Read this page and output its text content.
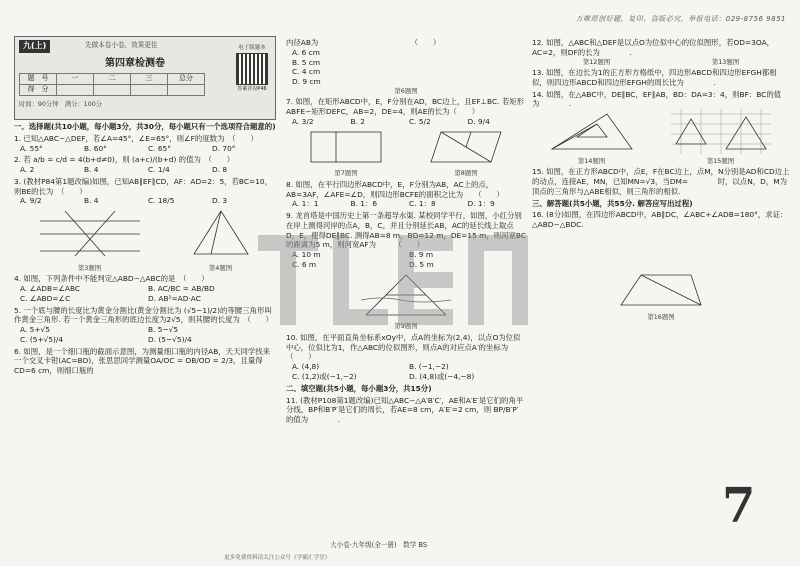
万唯原创好题，复印、盗版必究，举报电话：029-8756 9851
九(上)	先做本卷小卷，效果更佳
第四章检测卷
题　号	一	二	三	总分
得　分				
时间：90分钟　满分：100分
电子版题本
答案详见P46
一、选择题(共10小题，每小题3分，共30分，每小题只有一个选项符合题意的)
1. 已知△ABC∽△DEF，若∠A=45°，∠E=65°，则∠F的度数为　（　　）
A. 55°	B. 60°	C. 65°	D. 70°
2. 若 a/b = c/d = 4(b+d≠0)，则 (a+c)/(b+d) 的值为　（　　）
A. 2	B. 4	C. 1/4	D. 8
3. (教材P84第1题改编)如图，已知AB∥EF∥CD，AF：AD=2：5，若BC=10，则BE的长为　（　　）
A. 9/2	B. 4	C. 18/5	D. 3
第3题图	第4题图
4. 如图，下列条件中不能判定△ABD∽△ABC的是　（　　）
A. ∠ADB=∠ABC	B. AC/BC = AB/BD
C. ∠ABD=∠C	D. AB²=AD·AC
5. 一个底与腰的长度比为黄金分割比(黄金分割比为 (√5−1)/2)的等腰三角形叫作黄金三角形. 若一个黄金三角形的底边长度为2√5，则其腰的长度为　（　　）
A. 5+√5	B. 5−√5
C. (5+√5)/4	D. (5−√5)/4
6. 如图，是一个细口瓶的截面示意图，为测量细口瓶的内径AB，天天同学找来一个交叉卡钳(AC=BD)，张思思同学测量OA/OC = OB/OD = 2/3，且量得CD=6 cm，则细口瓶的
内径AB为　　　　　　　　　　　　　（　　）
A. 6 cm
B. 5 cm
C. 4 cm
D. 9 cm
第6题图
7. 如图，在矩形ABCD中，E，F分别在AD，BC边上，且EF⊥BC. 若矩形ABFE∽矩形DEFC，AB=2，DE=4，则AE的长为（　　）
A. 3/2	B. 2	C. 5/2	D. 9/4
第7题图	第8题图
8. 如图，在平行四边形ABCD中，E，F分别为AB，AC上的点，AB=3AF，∠AFE=∠D，则四边形BCFE的面积之比为　　（　　）
A. 1：1	B. 1：6	C. 1：8	D. 1：9
9. 龙首塔是中国历史上第一条超导水渠. 某校同学平行，如图，小红分别在岸上测得河岸的点A，B，C，并且分别延长AB，AC的延长线上取点D，E，使得DE∥BC. 测得AB=8 m，BD=12 m，DE=15 m，则河宽BC的距离为5 m，则河宽AF为　　　（　　）
A. 10 m	B. 9 m
C. 6 m	D. 5 m
第9题图
10. 如图，在平面直角坐标系xOy中，点A的坐标为(2,4)，以点O为位似中心，位似比为1，作△ABC的位似图形，则点A的对应点A′的坐标为　　　　　　　　　　　　　　（　　）
A. (4,8)	B. (−1,−2)
C. (1,2)或(−1,−2)	D. (4,8)或(−4,−8)
二、填空题(共5小题，每小题3分，共15分)
11. (教材P108第1题改编)已知△ABC∽△A′B′C′，AE和A′E′是它们的角平分线，BP和B′P′是它们的周长，若AE=8 cm，A′E′=2 cm，则 BP/B′P′ 的值为　　　　.
12. 如图，△ABC和△DEF是以点O为位似中心的位似图形，若OD=3OA，AC=2，则DF的长为　　　　.
第12题图	第13题图
13. 如图，在边长为1的正方形方格纸中，四边形ABCD和四边形EFGH都相似，则四边形ABCD和四边形EFGH的周长比为　　　　.
14. 如图，在△ABC中，DE∥BC，EF∥AB，BD：DA=3：4，则BF：BC的值为　　　　.
第14题图	第15题图
15. 如图，在正方形ABCD中，点E，F在BC边上，点M，N分别是AD和CD边上的动点，连接AE，MN，已知MN=√3，当DM=　　　　时，以点N，D，M为顶点的三角形与△ABE相似，则三角形的相似.
三、解答题(共5小题，共55分. 解答应写出过程)
16. (8分)如图，在四边形ABCD中，AB∥DC，∠ABC+∠ADB=180°，求证：△ABD∽△BDC.
第16题图
7
大小卷·九年级(全一册)　数学 BS
更多免费资料请关注公众号《学霸汇学堂》
